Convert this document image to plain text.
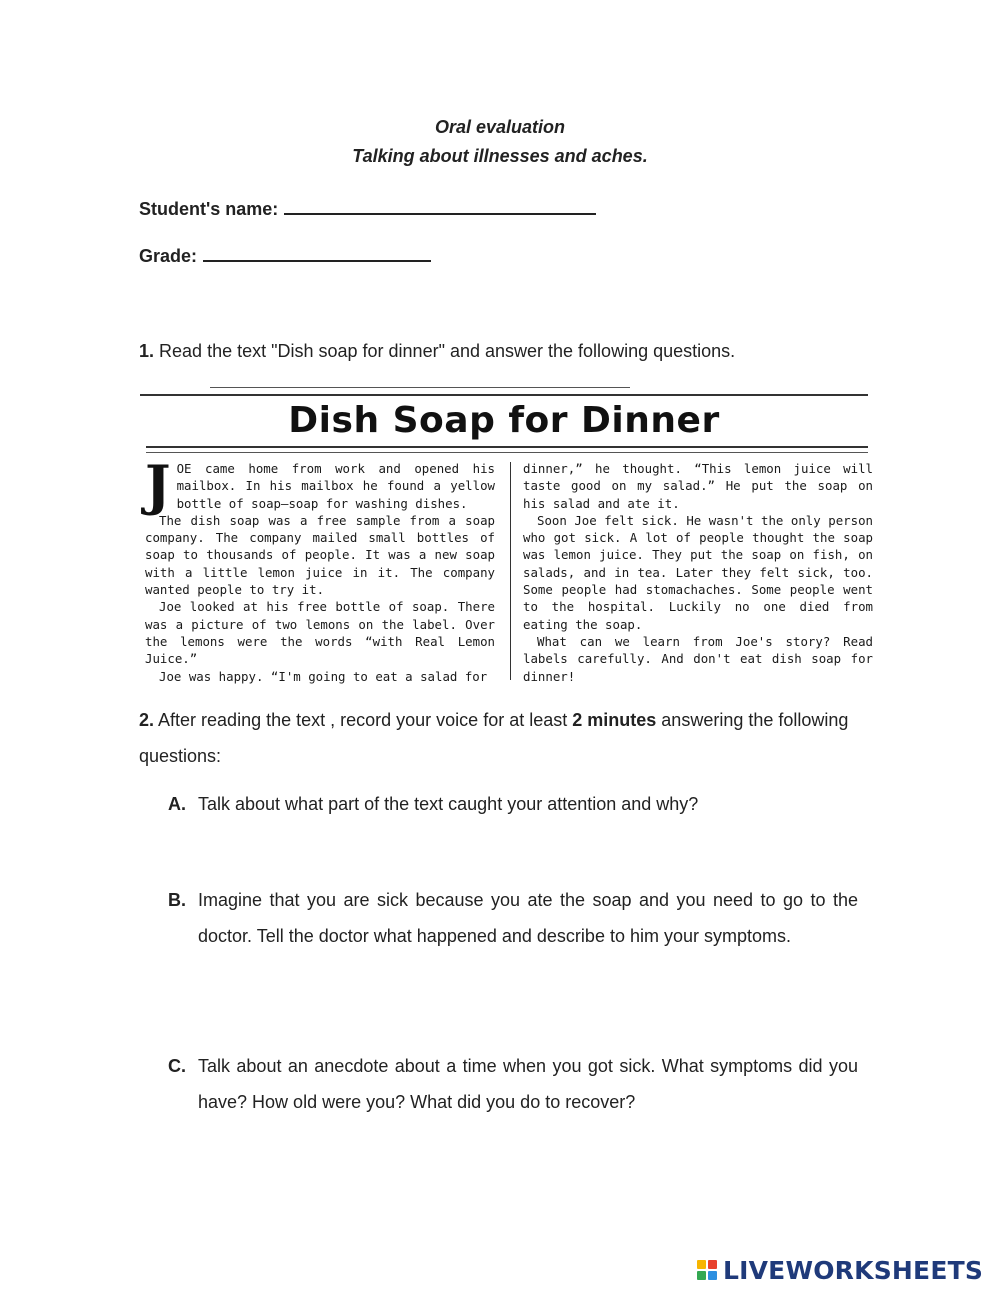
Oral evaluation
Talking about illnesses and aches.
Student's name:
Grade:
1. Read the text "Dish soap for dinner" and answer the following questions.
Dish Soap for Dinner
J OE came home from work and opened his mailbox. In his mailbox he found a yellow bottle of soap—soap for washing dishes.

The dish soap was a free sample from a soap company. The company mailed small bottles of soap to thousands of people. It was a new soap with a little lemon juice in it. The company wanted people to try it.

Joe looked at his free bottle of soap. There was a picture of two lemons on the label. Over the lemons were the words “with Real Lemon Juice.”

Joe was happy. “I'm going to eat a salad for

dinner,” he thought. “This lemon juice will taste good on my salad.” He put the soap on his salad and ate it.

Soon Joe felt sick. He wasn't the only person who got sick. A lot of people thought the soap was lemon juice. They put the soap on fish, on salads, and in tea. Later they felt sick, too. Some people had stomachaches. Some people went to the hospital. Luckily no one died from eating the soap.

What can we learn from Joe's story? Read labels carefully. And don't eat dish soap for dinner!

2. After reading the text , record your voice for at least 2 minutes answering the following questions:
A. Talk about what part of the text caught your attention and why?
B. Imagine that you are sick because you ate the soap and you need to go to the doctor. Tell the doctor what happened and describe to him your symptoms.
C. Talk about an anecdote about a time when you got sick. What symptoms did you have? How old were you? What did you do to recover?
LIVEWORKSHEETS
